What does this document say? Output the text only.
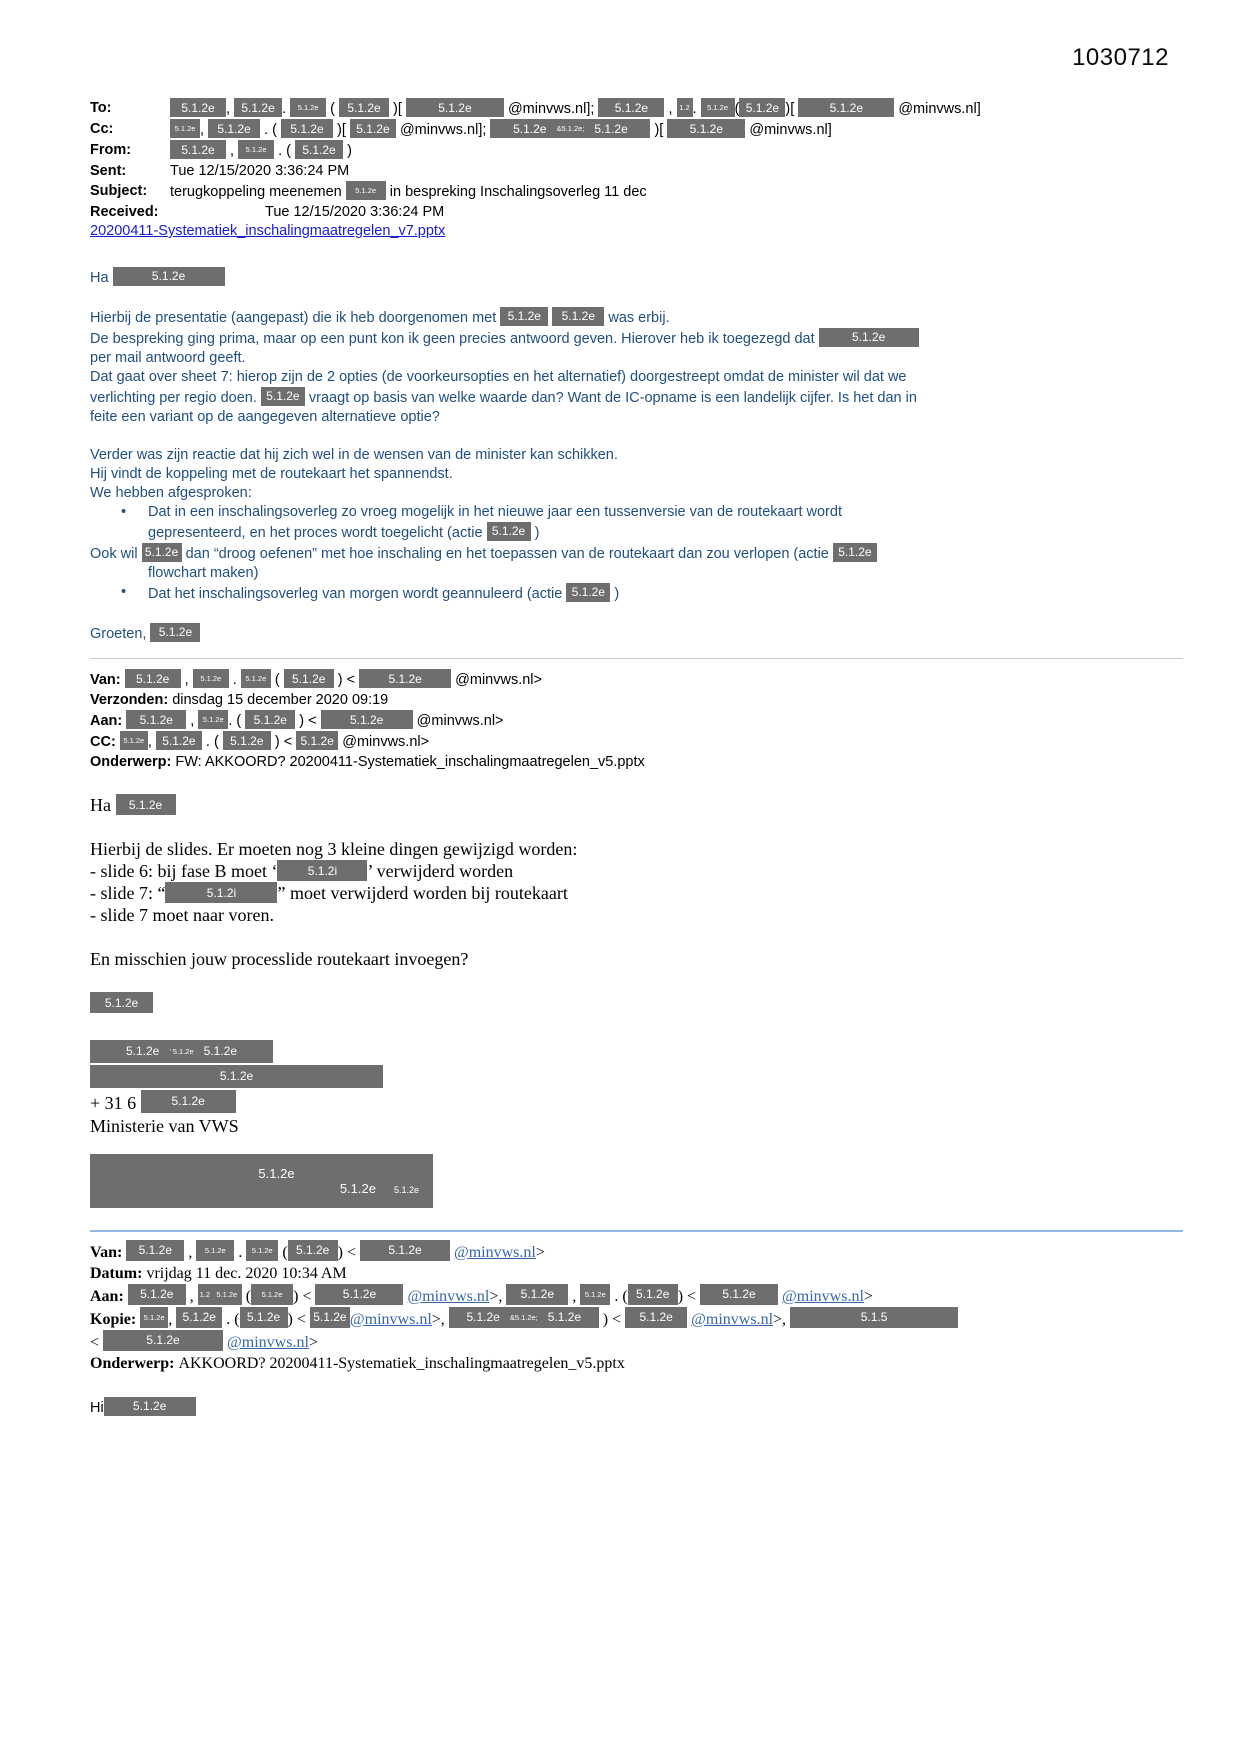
1030712
To:	5.1.2e , 5.1.2e . 5.1.2e ( 5.1.2e )[	5.1.2e @minvws.nl]; 5.1.2e , 1.2 . 5.1.2e ( 5.1.2e )[	5.1.2e @minvws.nl]
Cc:	5.1.2e , 5.1.2e . ( 5.1.2e )[ 5.1.2e @minvws.nl]; 5.1.2e &5.1.2e; 5.1.2e )[ 5.1.2e @minvws.nl]
From:	5.1.2e , 5.1.2e . ( 5.1.2e )
Sent:	Tue 12/15/2020 3:36:24 PM
Subject:	terugkoppeling meenemen 5.1.2e in bespreking Inschalingsoverleg 11 dec
Received:	Tue 12/15/2020 3:36:24 PM
20200411-Systematiek_inschalingmaatregelen_v7.pptx
Ha	5.1.2e
Hierbij de presentatie (aangepast) die ik heb doorgenomen met 5.1.2e 5.1.2e was erbij.
De bespreking ging prima, maar op een punt kon ik geen precies antwoord geven. Hierover heb ik toegezegd dat	5.1.2e
per mail antwoord geeft.
Dat gaat over sheet 7: hierop zijn de 2 opties (de voorkeursopties en het alternatief) doorgestreept omdat de minister wil dat we
verlichting per regio doen. 5.1.2e vraagt op basis van welke waarde dan? Want de IC-opname is een landelijk cijfer. Is het dan in
feite een variant op de aangegeven alternatieve optie?
Verder was zijn reactie dat hij zich wel in de wensen van de minister kan schikken.
Hij vindt de koppeling met de routekaart het spannendst.
We hebben afgesproken:
• Dat in een inschalingsoverleg zo vroeg mogelijk in het nieuwe jaar een tussenversie van de routekaart wordt
gepresenteerd, en het proces wordt toegelicht (actie 5.1.2e )
Ook wil 5.1.2e dan “droog oefenen” met hoe inschaling en het toepassen van de routekaart dan zou verlopen (actie 5.1.2e
flowchart maken)
• Dat het inschalingsoverleg van morgen wordt geannuleerd (actie 5.1.2e )
Groeten, 5.1.2e
Van: 5.1.2e , 5.1.2e . 5.1.2e ( 5.1.2e ) < 5.1.2e @minvws.nl>
Verzonden: dinsdag 15 december 2020 09:19
Aan: 5.1.2e , 5.1.2e . ( 5.1.2e ) < 5.1.2e @minvws.nl>
CC: 5.1.2e , 5.1.2e . ( 5.1.2e ) < 5.1.2e @minvws.nl>
Onderwerp: FW: AKKOORD? 20200411-Systematiek_inschalingmaatregelen_v5.pptx
Ha 5.1.2e
Hierbij de slides. Er moeten nog 3 kleine dingen gewijzigd worden:
- slide 6: bij fase B moet ‘	5.1.2i ’ verwijderd worden
- slide 7: “	5.1.2i ” moet verwijderd worden bij routekaart
- slide 7 moet naar voren.
En misschien jouw processlide routekaart invoegen?
5.1.2e
5.1.2e ’ 5.1.2e 5.1.2e
5.1.2e
+ 31 6	5.1.2e
Ministerie van VWS
5.1.2e
5.1.2e 5.1.2e
Van: 5.1.2e , 5.1.2e . 5.1.2e ( 5.1.2e ) < 5.1.2e @minvws.nl>
Datum: vrijdag 11 dec. 2020 10:34 AM
Aan: 5.1.2e , 1.2 5.1.2e ( 5.1.2e ) < 5.1.2e @minvws.nl>, 5.1.2e , 5.1.2e . ( 5.1.2e ) < 5.1.2e @minvws.nl>
Kopie: 5.1.2e , 5.1.2e . ( 5.1.2e ) < 5.1.2e @minvws.nl>, 5.1.2e &5.1.2e; 5.1.2e ) < 5.1.2e @minvws.nl>,	5.1.5
<	5.1.2e	@minvws.nl>
Onderwerp: AKKOORD? 20200411-Systematiek_inschalingmaatregelen_v5.pptx
Hi 5.1.2e
